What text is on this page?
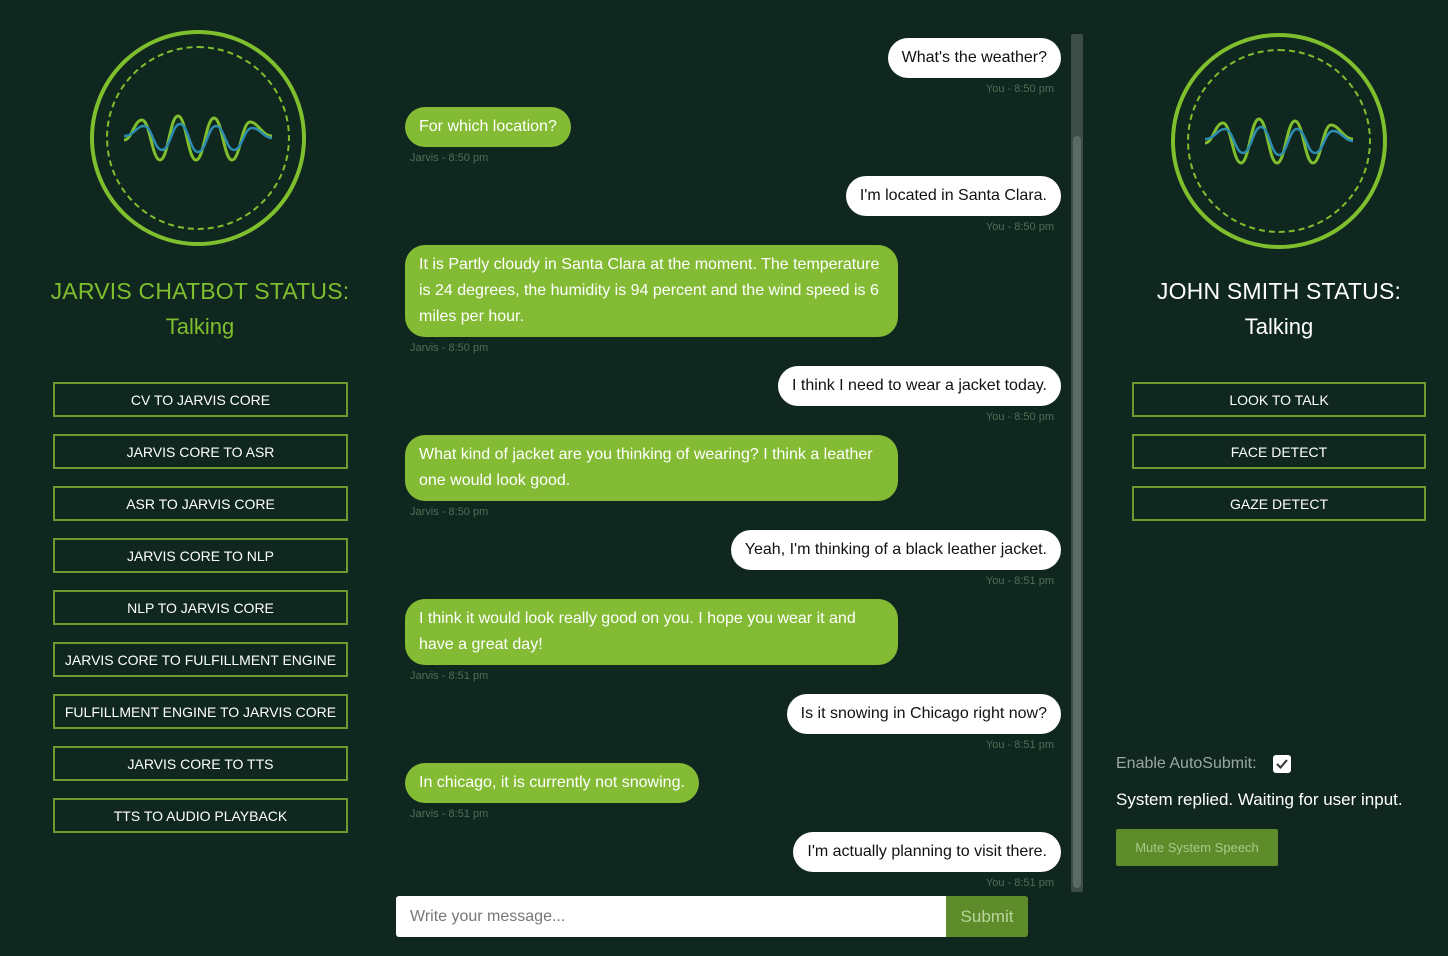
JARVIS CHATBOT STATUS:
Talking
CV TO JARVIS CORE
JARVIS CORE TO ASR
ASR TO JARVIS CORE
JARVIS CORE TO NLP
NLP TO JARVIS CORE
JARVIS CORE TO FULFILLMENT ENGINE
FULFILLMENT ENGINE TO JARVIS CORE
JARVIS CORE TO TTS
TTS TO AUDIO PLAYBACK
What's the weather?
You - 8:50 pm
For which location?
Jarvis - 8:50 pm
I'm located in Santa Clara.
You - 8:50 pm
It is Partly cloudy in Santa Clara at the moment. The temperature is 24 degrees, the humidity is 94 percent and the wind speed is 6 miles per hour.
Jarvis - 8:50 pm
I think I need to wear a jacket today.
You - 8:50 pm
What kind of jacket are you thinking of wearing? I think a leather one would look good.
Jarvis - 8:50 pm
Yeah, I'm thinking of a black leather jacket.
You - 8:51 pm
I think it would look really good on you. I hope you wear it and have a great day!
Jarvis - 8:51 pm
Is it snowing in Chicago right now?
You - 8:51 pm
In chicago, it is currently not snowing.
Jarvis - 8:51 pm
I'm actually planning to visit there.
You - 8:51 pm
Write your message...
Submit
JOHN SMITH STATUS:
Talking
LOOK TO TALK
FACE DETECT
GAZE DETECT
Enable AutoSubmit:
System replied. Waiting for user input.
Mute System Speech
